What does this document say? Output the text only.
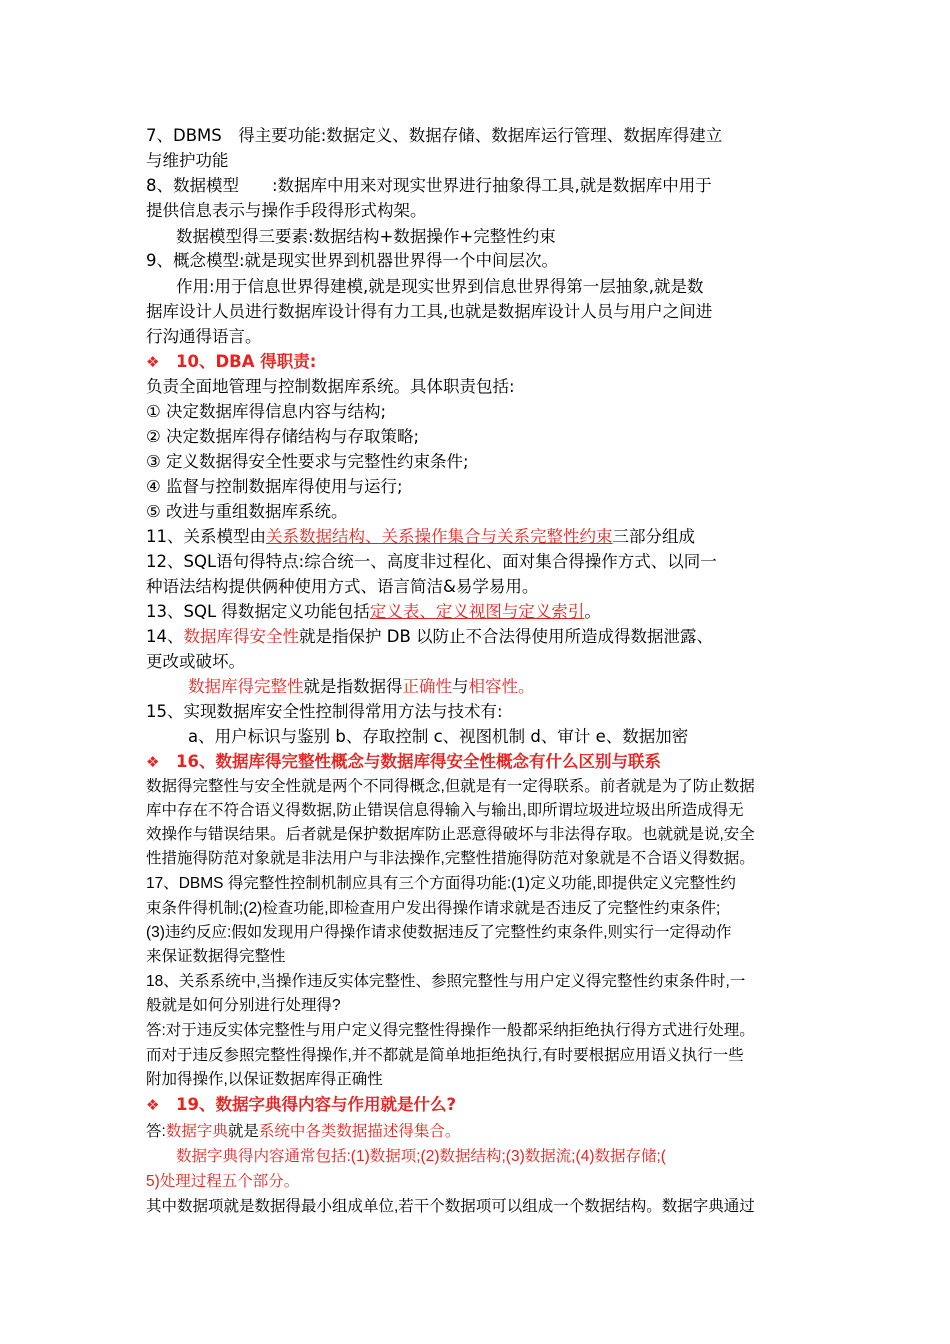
7、DBMS　得主要功能:数据定义、数据存储、数据库运行管理、数据库得建立
与维护功能
8、数据模型　　:数据库中用来对现实世界进行抽象得工具,就是数据库中用于
提供信息表示与操作手段得形式构架。
数据模型得三要素:数据结构+数据操作+完整性约束
9、概念模型:就是现实世界到机器世界得一个中间层次。
作用:用于信息世界得建模,就是现实世界到信息世界得第一层抽象,就是数
据库设计人员进行数据库设计得有力工具,也就是数据库设计人员与用户之间进
行沟通得语言。
❖ 10、DBA 得职责:
负责全面地管理与控制数据库系统。具体职责包括:
① 决定数据库得信息内容与结构;
② 决定数据库得存储结构与存取策略;
③ 定义数据得安全性要求与完整性约束条件;
④ 监督与控制数据库得使用与运行;
⑤ 改进与重组数据库系统。
11、关系模型由关系数据结构、关系操作集合与关系完整性约束三部分组成
12、SQL语句得特点:综合统一、高度非过程化、面对集合得操作方式、以同一
种语法结构提供俩种使用方式、语言简洁&易学易用。
13、SQL 得数据定义功能包括定义表、定义视图与定义索引。
14、数据库得安全性就是指保护 DB 以防止不合法得使用所造成得数据泄露、
更改或破坏。
数据库得完整性就是指数据得正确性与相容性。
15、实现数据库安全性控制得常用方法与技术有:
a、用户标识与鉴别 b、存取控制 c、视图机制 d、审计 e、数据加密
❖ 16、数据库得完整性概念与数据库得安全性概念有什么区别与联系
数据得完整性与安全性就是两个不同得概念,但就是有一定得联系。前者就是为了防止数据
库中存在不符合语义得数据,防止错误信息得输入与输出,即所谓垃圾进垃圾出所造成得无
效操作与错误结果。后者就是保护数据库防止恶意得破坏与非法得存取。也就就是说,安全
性措施得防范对象就是非法用户与非法操作,完整性措施得防范对象就是不合语义得数据。
17、DBMS 得完整性控制机制应具有三个方面得功能:(1)定义功能,即提供定义完整性约
束条件得机制;(2)检查功能,即检查用户发出得操作请求就是否违反了完整性约束条件;
(3)违约反应:假如发现用户得操作请求使数据违反了完整性约束条件,则实行一定得动作
来保证数据得完整性
18、关系系统中,当操作违反实体完整性、参照完整性与用户定义得完整性约束条件时,一
般就是如何分别进行处理得?
答:对于违反实体完整性与用户定义得完整性得操作一般都采纳拒绝执行得方式进行处理。
而对于违反参照完整性得操作,并不都就是简单地拒绝执行,有时要根据应用语义执行一些
附加得操作,以保证数据库得正确性
❖ 19、数据字典得内容与作用就是什么?
答:数据字典就是系统中各类数据描述得集合。
数据字典得内容通常包括:(1)数据项;(2)数据结构;(3)数据流;(4)数据存储;(
5)处理过程五个部分。
其中数据项就是数据得最小组成单位,若干个数据项可以组成一个数据结构。数据字典通过
